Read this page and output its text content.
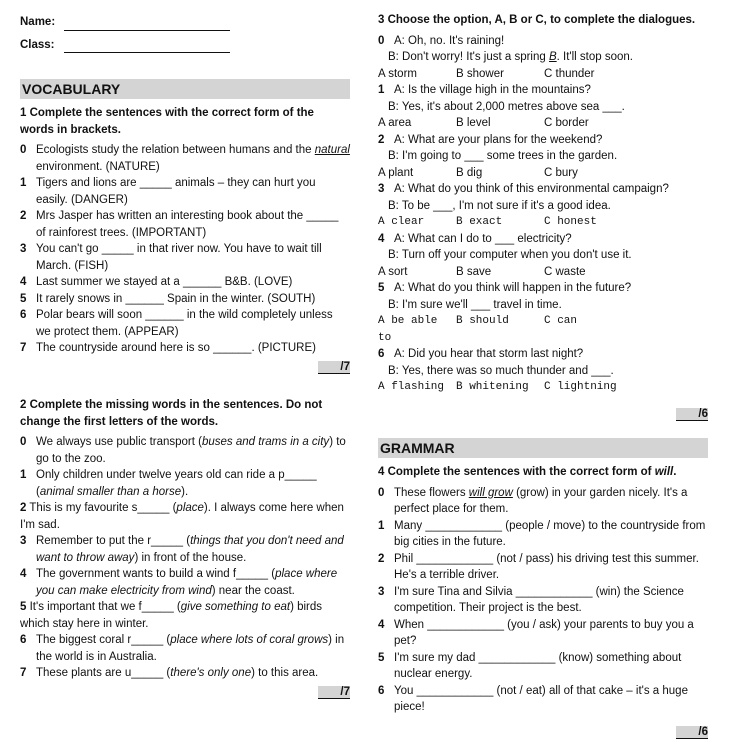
Name:
Class:
VOCABULARY
1 Complete the sentences with the correct form of the words in brackets.
0 Ecologists study the relation between humans and the natural environment. (NATURE)
1 Tigers and lions are _____ animals – they can hurt you easily. (DANGER)
2 Mrs Jasper has written an interesting book about the _____ of rainforest trees. (IMPORTANT)
3 You can't go _____ in that river now. You have to wait till March. (FISH)
4 Last summer we stayed at a ______ B&B. (LOVE)
5 It rarely snows in ______ Spain in the winter. (SOUTH)
6 Polar bears will soon ______ in the wild completely unless we protect them. (APPEAR)
7 The countryside around here is so ______. (PICTURE)
/7
2 Complete the missing words in the sentences. Do not change the first letters of the words.
0 We always use public transport (buses and trams in a city) to go to the zoo.
1 Only children under twelve years old can ride a p_____ (animal smaller than a horse).
2 This is my favourite s_____ (place). I always come here when I'm sad.
3 Remember to put the r_____ (things that you don't need and want to throw away) in front of the house.
4 The government wants to build a wind f_____ (place where you can make electricity from wind) near the coast.
5 It's important that we f_____ (give something to eat) birds which stay here in winter.
6 The biggest coral r_____ (place where lots of coral grows) in the world is in Australia.
7 These plants are u_____ (there's only one) to this area.
/7
3 Choose the option, A, B or C, to complete the dialogues.
0 A: Oh, no. It's raining!
B: Don't worry! It's just a spring B. It'll stop soon.
A storm	B shower	C thunder
1 A: Is the village high in the mountains?
B: Yes, it's about 2,000 metres above sea ___.
A area	B level	C border
2 A: What are your plans for the weekend?
B: I'm going to ___ some trees in the garden.
A plant	B dig	C bury
3 A: What do you think of this environmental campaign?
B: To be ___, I'm not sure if it's a good idea.
A clear	B exact	C honest
4 A: What can I do to ___ electricity?
B: Turn off your computer when you don't use it.
A sort	B save	C waste
5 A: What do you think will happen in the future?
B: I'm sure we'll ___ travel in time.
A be able to
B should	C can
6 A: Did you hear that storm last night?
B: Yes, there was so much thunder and ___.
A flashing	B whitening	C lightning
/6
GRAMMAR
4 Complete the sentences with the correct form of will.
0 These flowers will grow (grow) in your garden nicely. It's a perfect place for them.
1 Many ____________ (people / move) to the countryside from big cities in the future.
2 Phil ____________ (not / pass) his driving test this summer. He's a terrible driver.
3 I'm sure Tina and Silvia ____________ (win) the Science competition. Their project is the best.
4 When ____________ (you / ask) your parents to buy you a pet?
5 I'm sure my dad ____________ (know) something about nuclear energy.
6 You ____________ (not / eat) all of that cake – it's a huge piece!
/6
